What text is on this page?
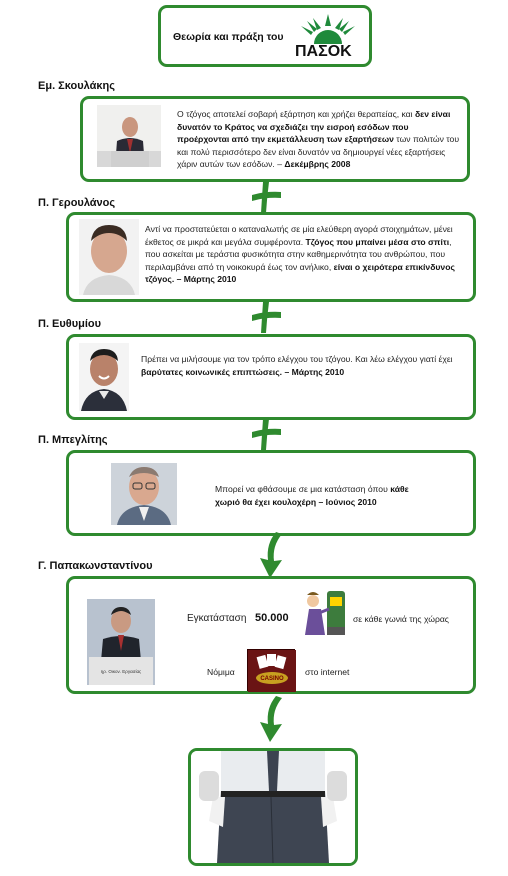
Θεωρία και πράξη του
ΠΑΣΟΚ
Εμ. Σκουλάκης
Ο τζόγος αποτελεί σοβαρή εξάρτηση και χρήζει θεραπείας, και δεν είναι δυνατόν το Κράτος να σχεδιάζει την εισροή εσόδων που προέρχονται από την εκμετάλλευση των εξαρτήσεων των πολιτών του και πολύ περισσότερο δεν είναι δυνατόν να δημιουργεί νέες εξαρτήσεις χάριν αυτών των εσόδων. – Δεκέμβρης 2008
Π. Γερουλάνος
Αντί να προστατεύεται ο καταναλωτής σε μία ελεύθερη αγορά στοιχημάτων, μένει έκθετος σε μικρά και μεγάλα συμφέροντα. Τζόγος που μπαίνει μέσα στο σπίτι, που ασκείται με τεράστια φυσικότητα στην καθημερινότητα του ανθρώπου, που περιλαμβάνει από τη νοικοκυρά έως τον ανήλικο, είναι ο χειρότερα επικίνδυνος τζόγος. – Μάρτης 2010
Π. Ευθυμίου
Πρέπει να μιλήσουμε για τον τρόπο ελέγχου του τζόγου. Και λέω ελέγχου γιατί έχει βαρύτατες κοινωνικές επιπτώσεις. – Μάρτης 2010
Π. Μπεγλίτης
Μπορεί να φθάσουμε σε μια κατάσταση όπου κάθε χωριό θα έχει κουλοχέρη – Ιούνιος 2010
Γ. Παπακωνσταντίνου
ηρ. Οικον. Εργασίας
Εγκατάσταση 50.000	σε κάθε γωνιά της χώρας
Νόμιμα
CASINO
στο internet
